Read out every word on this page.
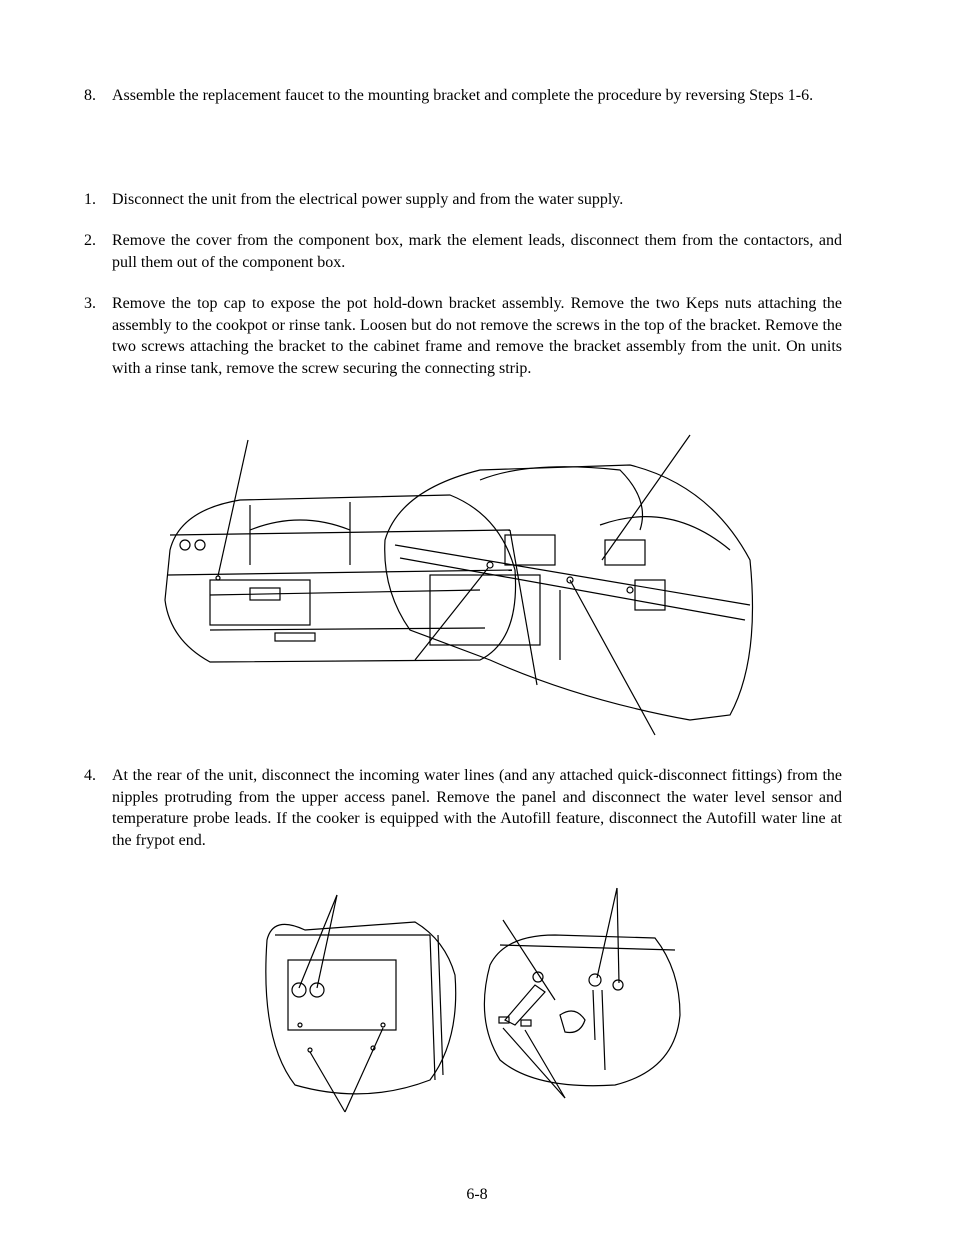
8. Assemble the replacement faucet to the mounting bracket and complete the procedure by reversing Steps 1-6.
1. Disconnect the unit from the electrical power supply and from the water supply.
2. Remove the cover from the component box, mark the element leads, disconnect them from the contactors, and pull them out of the component box.
3. Remove the top cap to expose the pot hold-down bracket assembly. Remove the two Keps nuts attaching the assembly to the cookpot or rinse tank. Loosen but do not remove the screws in the top of the bracket. Remove the two screws attaching the bracket to the cabinet frame and remove the bracket assembly from the unit. On units with a rinse tank, remove the screw securing the connecting strip.
4. At the rear of the unit, disconnect the incoming water lines (and any attached quick-disconnect fittings) from the nipples protruding from the upper access panel. Remove the panel and disconnect the water level sensor and temperature probe leads. If the cooker is equipped with the Autofill feature, disconnect the Autofill water line at the frypot end.
6-8
